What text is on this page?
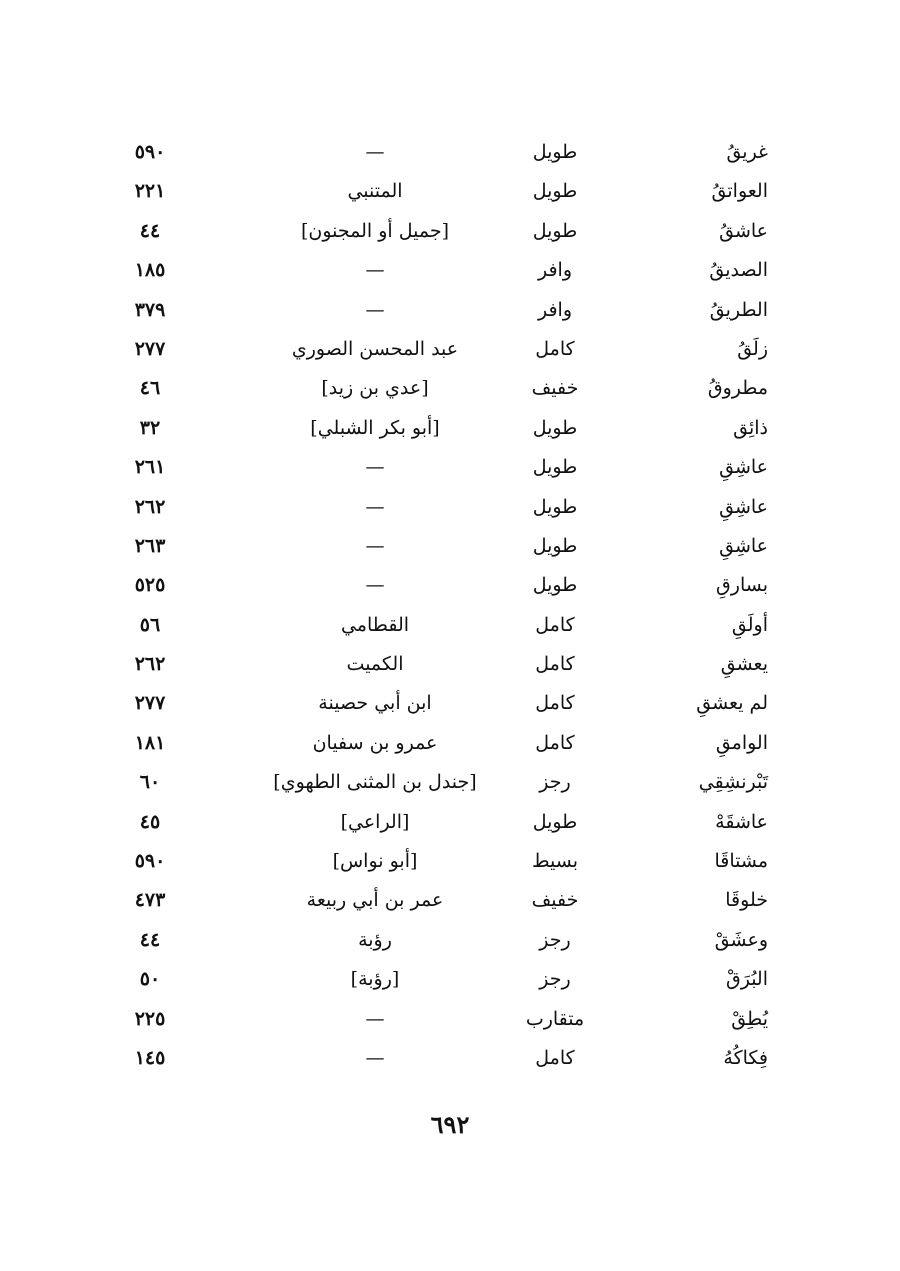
غريقُ
طويل
—
٥٩٠
العواتقُ
طويل
المتنبي
٢٢١
عاشقُ
طويل
[جميل أو المجنون]
٤٤
الصديقُ
وافر
—
١٨٥
الطريقُ
وافر
—
٣٧٩
زلَقُ
كامل
عبد المحسن الصوري
٢٧٧
مطروقُ
خفيف
[عدي بن زيد]
٤٦
ذائِق
طويل
[أبو بكر الشبلي]
٣٢
عاشِقِ
طويل
—
٢٦١
عاشِقِ
طويل
—
٢٦٢
عاشِقِ
طويل
—
٢٦٣
بسارقِ
طويل
—
٥٢٥
أولَقِ
كامل
القطامي
٥٦
يعشقِ
كامل
الكميت
٢٦٢
لم يعشقِ
كامل
ابن أبي حصينة
٢٧٧
الوامقِ
كامل
عمرو بن سفيان
١٨١
تَبْرنشِقِي
رجز
[جندل بن المثنى الطهوي]
٦٠
عاشقَهْ
طويل
[الراعي]
٤٥
مشتاقَا
بسيط
[أبو نواس]
٥٩٠
خلوقَا
خفيف
عمر بن أبي ربيعة
٤٧٣
وعشَقْ
رجز
رؤبة
٤٤
البُرَقْ
رجز
[رؤبة]
٥٠
يُطِقْ
متقارب
—
٢٢٥
فِكاكُهُ
كامل
—
١٤٥
٦٩٢
